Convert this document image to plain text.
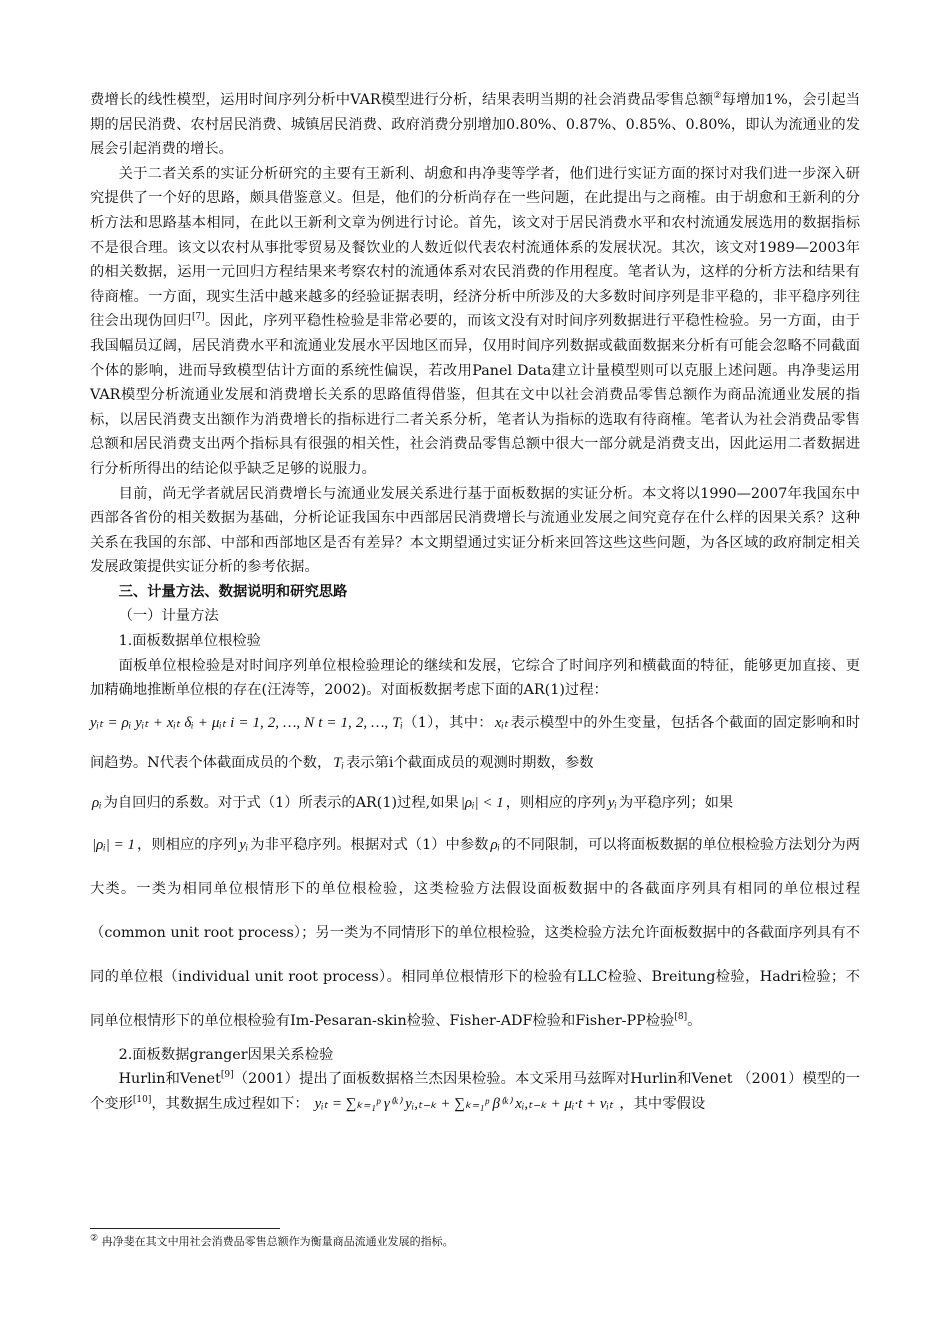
费增长的线性模型，运用时间序列分析中VAR模型进行分析，结果表明当期的社会消费品零售总额②每增加1%，会引起当期的居民消费、农村居民消费、城镇居民消费、政府消费分别增加0.80%、0.87%、0.85%、0.80%，即认为流通业的发展会引起消费的增长。

关于二者关系的实证分析研究的主要有王新利、胡愈和冉净斐等学者，他们进行实证方面的探讨对我们进一步深入研究提供了一个好的思路，颇具借鉴意义。但是，他们的分析尚存在一些问题，在此提出与之商榷。由于胡愈和王新利的分析方法和思路基本相同，在此以王新利文章为例进行讨论。首先，该文对于居民消费水平和农村流通发展选用的数据指标不是很合理。该文以农村从事批零贸易及餐饮业的人数近似代表农村流通体系的发展状况。其次，该文对1989—2003年的相关数据，运用一元回归方程结果来考察农村的流通体系对农民消费的作用程度。笔者认为，这样的分析方法和结果有待商榷。一方面，现实生活中越来越多的经验证据表明，经济分析中所涉及的大多数时间序列是非平稳的，非平稳序列往往会出现伪回归[7]。因此，序列平稳性检验是非常必要的，而该文没有对时间序列数据进行平稳性检验。另一方面，由于我国幅员辽阔，居民消费水平和流通业发展水平因地区而异，仅用时间序列数据或截面数据来分析有可能会忽略不同截面个体的影响，进而导致模型估计方面的系统性偏误，若改用Panel Data建立计量模型则可以克服上述问题。冉净斐运用VAR模型分析流通业发展和消费增长关系的思路值得借鉴，但其在文中以社会消费品零售总额作为商品流通业发展的指标，以居民消费支出额作为消费增长的指标进行二者关系分析，笔者认为指标的选取有待商榷。笔者认为社会消费品零售总额和居民消费支出两个指标具有很强的相关性，社会消费品零售总额中很大一部分就是消费支出，因此运用二者数据进行分析所得出的结论似乎缺乏足够的说服力。

目前，尚无学者就居民消费增长与流通业发展关系进行基于面板数据的实证分析。本文将以1990—2007年我国东中西部各省份的相关数据为基础，分析论证我国东中西部居民消费增长与流通业发展之间究竟存在什么样的因果关系？这种关系在我国的东部、中部和西部地区是否有差异？本文期望通过实证分析来回答这些这些问题，为各区域的政府制定相关发展政策提供实证分析的参考依据。

三、计量方法、数据说明和研究思路

（一）计量方法

1.面板数据单位根检验

面板单位根检验是对时间序列单位根检验理论的继续和发展，它综合了时间序列和横截面的特征，能够更加直接、更加精确地推断单位根的存在(汪涛等，2002)。对面板数据考虑下面的AR(1)过程：

yᵢₜ = ρᵢ yᵢₜ + xᵢₜ δᵢ + μᵢₜ i = 1, 2, …, N t = 1, 2, …, Tᵢ（1），其中： xᵢₜ 表示模型中的外生变量，包括各个截面的固定影响和时间趋势。N代表个体截面成员的个数， Tᵢ 表示第i个截面成员的观测时期数，参数

ρᵢ 为自回归的系数。对于式（1）所表示的AR(1)过程,如果 |ρᵢ| < 1 ，则相应的序列 yᵢ 为平稳序列；如果

|ρᵢ| = 1 ，则相应的序列 yᵢ 为非平稳序列。根据对式（1）中参数 ρᵢ 的不同限制，可以将面板数据的单位根检验方法划分为两大类。一类为相同单位根情形下的单位根检验，这类检验方法假设面板数据中的各截面序列具有相同的单位根过程（common unit root process）；另一类为不同情形下的单位根检验，这类检验方法允许面板数据中的各截面序列具有不同的单位根（individual unit root process）。相同单位根情形下的检验有LLC检验、Breitung检验，Hadri检验；不同单位根情形下的单位根检验有Im-Pesaran-skin检验、Fisher-ADF检验和Fisher-PP检验[8]。

2.面板数据granger因果关系检验

Hurlin和Venet[9]（2001）提出了面板数据格兰杰因果检验。本文采用马兹晖对Hurlin和Venet （2001）模型的一个变形[10]，其数据生成过程如下： yᵢₜ = ∑ₖ₌₁ᵖ γ⁽ᵏ⁾ yᵢ,ₜ₋ₖ + ∑ₖ₌₁ᵖ β⁽ᵏ⁾ xᵢ,ₜ₋ₖ + μᵢ·t + νᵢₜ ，其中零假设

② 冉净斐在其文中用社会消费品零售总额作为衡量商品流通业发展的指标。
